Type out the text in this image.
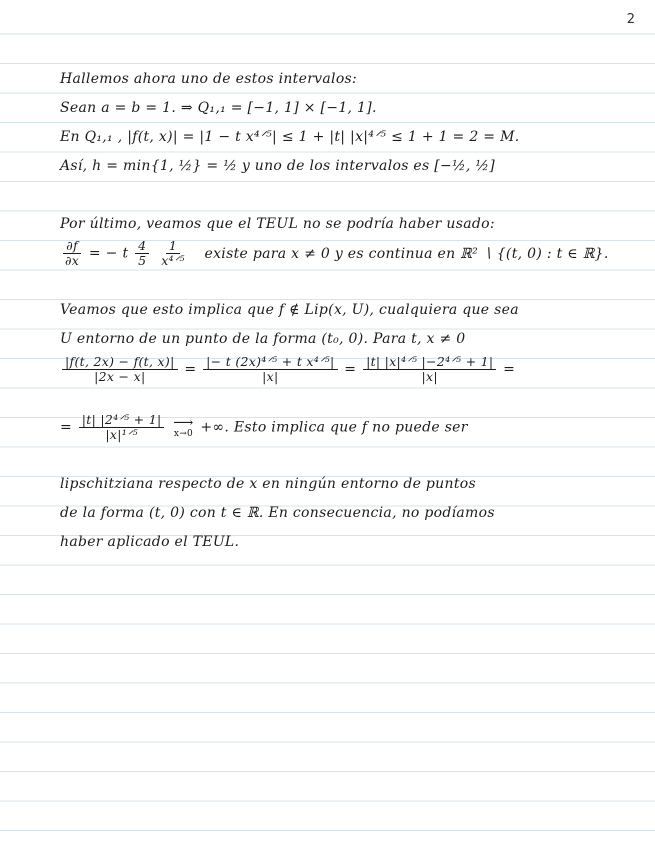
2
Hallemos ahora uno de estos intervalos:
Sean a = b = 1. ⇒ Q₁,₁ = [−1, 1] × [−1, 1].
En Q₁,₁ , |f(t, x)| = |1 − t x⁴ᐟ⁵| ≤ 1 + |t| |x|⁴ᐟ⁵ ≤ 1 + 1 = 2 = M.
Así, h = min{1, ½} = ½ y uno de los intervalos es [−½, ½]
Por último, veamos que el TEUL no se podría haber usado:
$\frac{\partial f}{\partial x}$ = − t $\frac{4}{5}$
$\frac{1}{\text{x⁴ᐟ⁵}}$ existe para x ≠ 0 y es continua en ℝ² ∖ {(t, 0) : t ∈ ℝ}.
Veamos que esto implica que f ∉ Lip(x, U), cualquiera que sea
U entorno de un punto de la forma (t₀, 0). Para t, x ≠ 0
$\frac{|f(t, 2x) - f(t, x)|}{|2x - x|} = \frac{\text{|− t (2x)⁴ᐟ⁵ + t x⁴ᐟ⁵|}}{|x|} = \frac{\text{|t| |x|⁴ᐟ⁵ |−2⁴ᐟ⁵ + 1|}}{|x|}$ =
= $\frac{\text{|t| |2⁴ᐟ⁵ + 1|}}{\text{|x|¹ᐟ⁵}}$
⟶
x→0 +∞. Esto implica que f no puede ser
lipschitziana respecto de x en ningún entorno de puntos
de la forma (t, 0) con t ∈ ℝ. En consecuencia, no podíamos
haber aplicado el TEUL.
